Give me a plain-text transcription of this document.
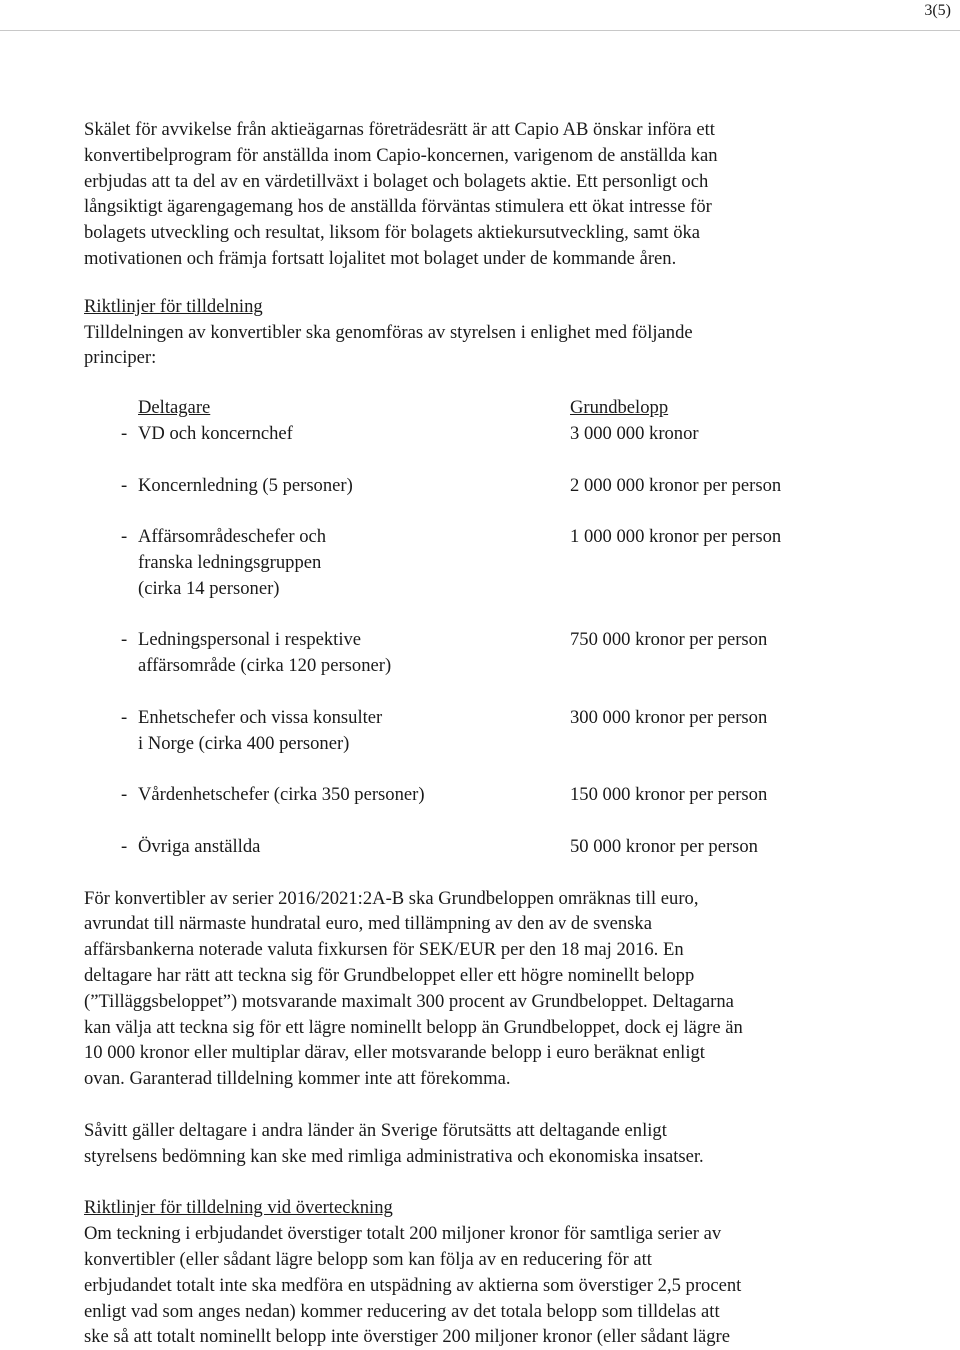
3(5)

Skälet för avvikelse från aktieägarnas företrädesrätt är att Capio AB önskar införa ett

konvertibelprogram för anställda inom Capio-koncernen, varigenom de anställda kan

erbjudas att ta del av en värdetillväxt i bolaget och bolagets aktie. Ett personligt och

långsiktigt ägarengagemang hos de anställda förväntas stimulera ett ökat intresse för

bolagets utveckling och resultat, liksom för bolagets aktiekursutveckling, samt öka

motivationen och främja fortsatt lojalitet mot bolaget under de kommande åren.

Riktlinjer för tilldelning

Tilldelningen av konvertibler ska genomföras av styrelsen i enlighet med följande

principer:

Deltagare	Grundbelopp
- VD och koncernchef	3 000 000 kronor
- Koncernledning (5 personer)	2 000 000 kronor per person
- Affärsområdeschefer och
franska ledningsgruppen
(cirka 14 personer)
1 000 000 kronor per person
- Ledningspersonal i respektive
affärsområde (cirka 120 personer)
750 000 kronor per person
- Enhetschefer och vissa konsulter
i Norge (cirka 400 personer)
300 000 kronor per person
- Vårdenhetschefer (cirka 350 personer)	150 000 kronor per person
- Övriga anställda	50 000 kronor per person

För konvertibler av serier 2016/2021:2A-B ska Grundbeloppen omräknas till euro,

avrundat till närmaste hundratal euro, med tillämpning av den av de svenska

affärsbankerna noterade valuta fixkursen för SEK/EUR per den 18 maj 2016. En

deltagare har rätt att teckna sig för Grundbeloppet eller ett högre nominellt belopp

(”Tilläggsbeloppet”) motsvarande maximalt 300 procent av Grundbeloppet. Deltagarna

kan välja att teckna sig för ett lägre nominellt belopp än Grundbeloppet, dock ej lägre än

10 000 kronor eller multiplar därav, eller motsvarande belopp i euro beräknat enligt

ovan. Garanterad tilldelning kommer inte att förekomma.

Såvitt gäller deltagare i andra länder än Sverige förutsätts att deltagande enligt

styrelsens bedömning kan ske med rimliga administrativa och ekonomiska insatser.

Riktlinjer för tilldelning vid överteckning

Om teckning i erbjudandet överstiger totalt 200 miljoner kronor för samtliga serier av

konvertibler (eller sådant lägre belopp som kan följa av en reducering för att

erbjudandet totalt inte ska medföra en utspädning av aktierna som överstiger 2,5 procent

enligt vad som anges nedan) kommer reducering av det totala belopp som tilldelas att

ske så att totalt nominellt belopp inte överstiger 200 miljoner kronor (eller sådant lägre
